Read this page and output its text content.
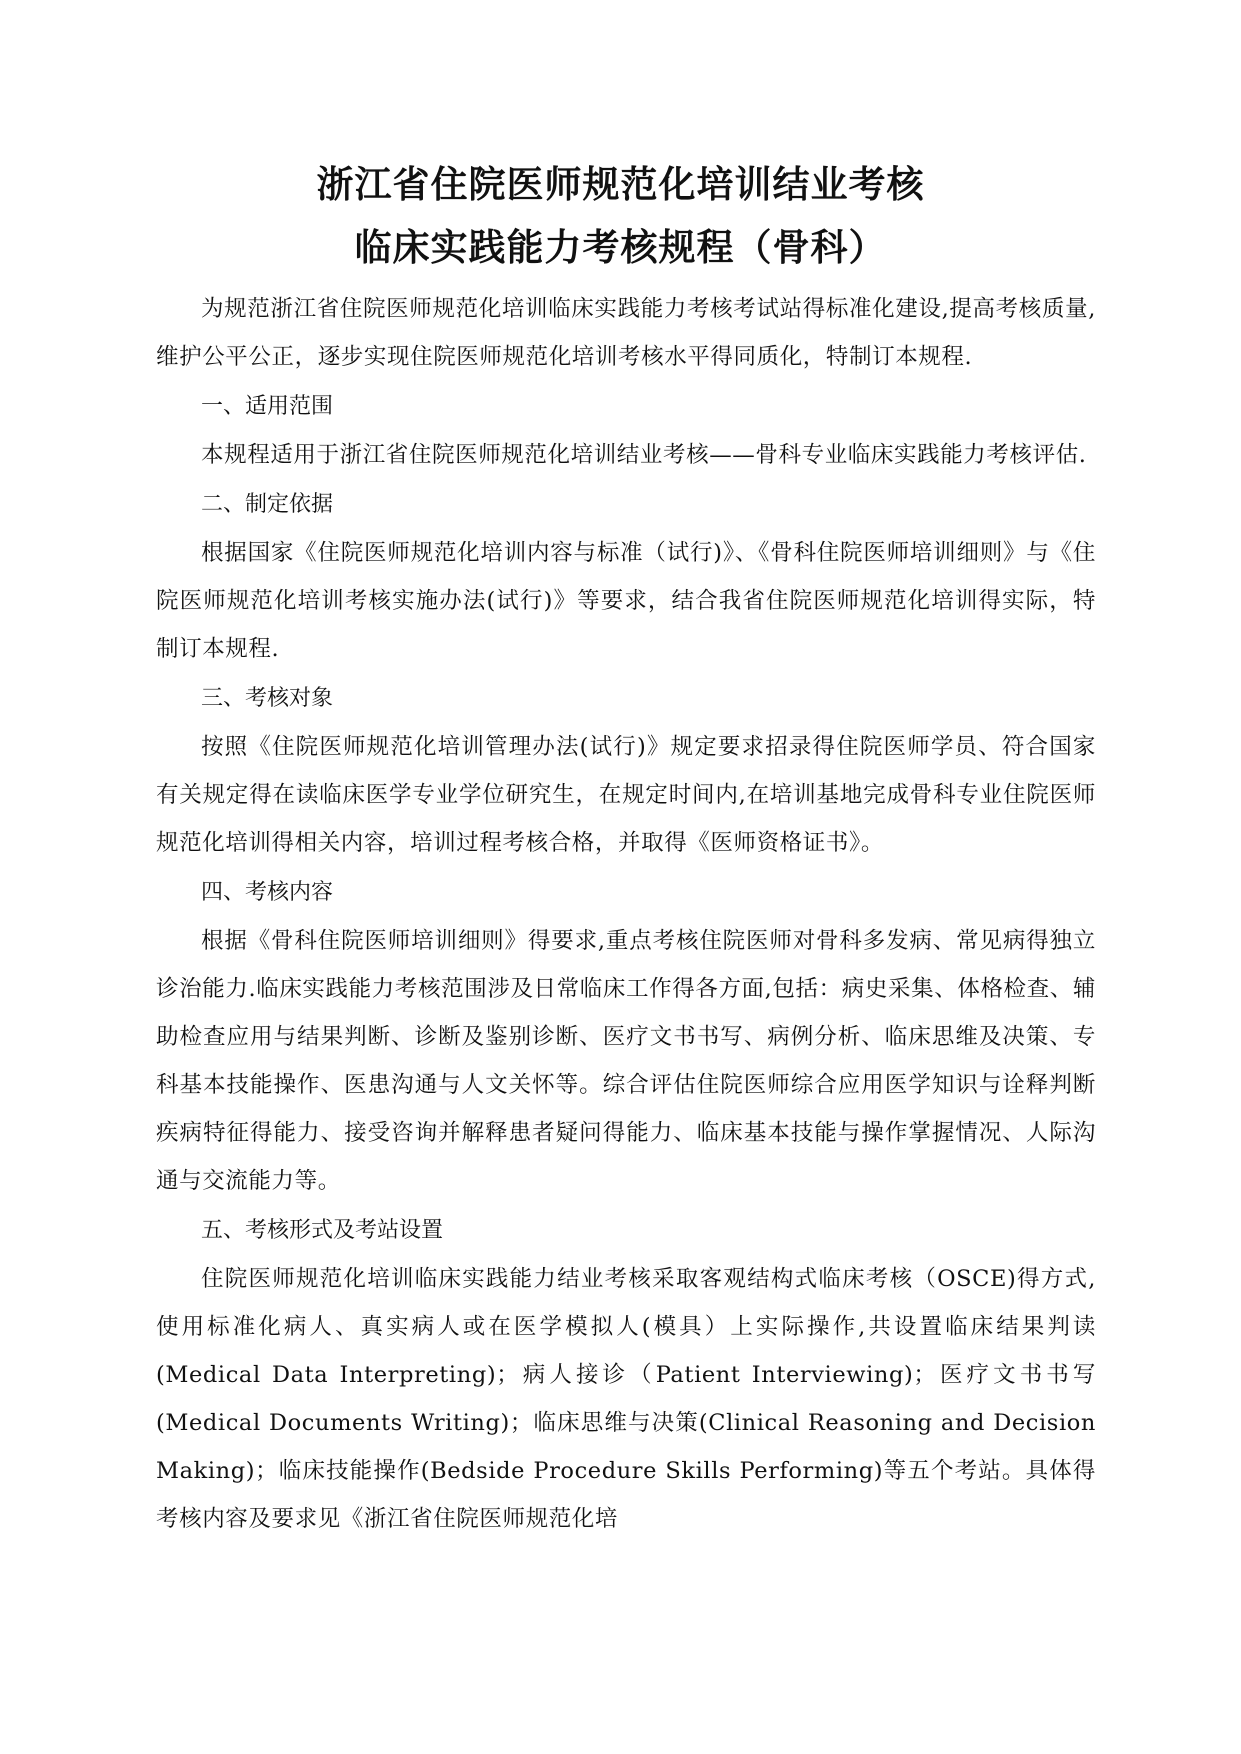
浙江省住院医师规范化培训结业考核
临床实践能力考核规程（骨科）

为规范浙江省住院医师规范化培训临床实践能力考核考试站得标准化建设,提高考核质量,维护公平公正，逐步实现住院医师规范化培训考核水平得同质化，特制订本规程.

一、适用范围

本规程适用于浙江省住院医师规范化培训结业考核——骨科专业临床实践能力考核评估.

二、制定依据

根据国家《住院医师规范化培训内容与标准（试行)》、《骨科住院医师培训细则》与《住院医师规范化培训考核实施办法(试行)》等要求，结合我省住院医师规范化培训得实际，特制订本规程.

三、考核对象

按照《住院医师规范化培训管理办法(试行)》规定要求招录得住院医师学员、符合国家有关规定得在读临床医学专业学位研究生，在规定时间内,在培训基地完成骨科专业住院医师规范化培训得相关内容，培训过程考核合格，并取得《医师资格证书》。

四、考核内容

根据《骨科住院医师培训细则》得要求,重点考核住院医师对骨科多发病、常见病得独立诊治能力.临床实践能力考核范围涉及日常临床工作得各方面,包括：病史采集、体格检查、辅助检查应用与结果判断、诊断及鉴别诊断、医疗文书书写、病例分析、临床思维及决策、专科基本技能操作、医患沟通与人文关怀等。综合评估住院医师综合应用医学知识与诠释判断疾病特征得能力、接受咨询并解释患者疑问得能力、临床基本技能与操作掌握情况、人际沟通与交流能力等。

五、考核形式及考站设置

住院医师规范化培训临床实践能力结业考核采取客观结构式临床考核（OSCE)得方式,使用标准化病人、真实病人或在医学模拟人(模具）上实际操作,共设置临床结果判读(Medical Data Interpreting)；病人接诊（Patient Interviewing)；医疗文书书写(Medical Documents Writing)；临床思维与决策(Clinical Reasoning and Decision Making)；临床技能操作(Bedside Procedure Skills Performing)等五个考站。具体得考核内容及要求见《浙江省住院医师规范化培
